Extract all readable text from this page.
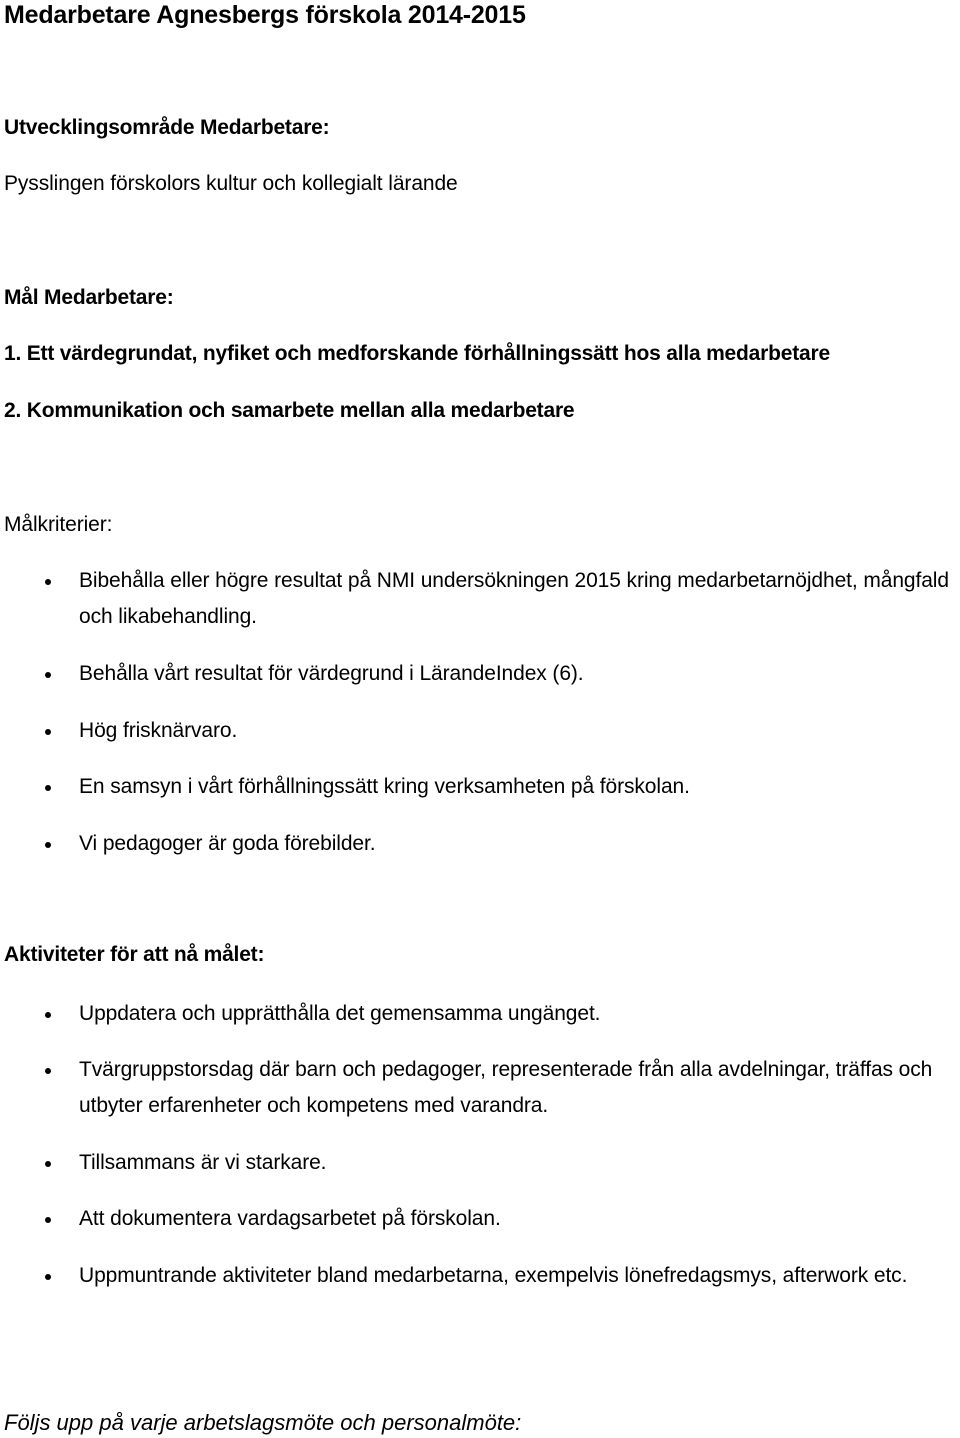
Medarbetare Agnesbergs förskola 2014-2015
Utvecklingsområde Medarbetare:
Pysslingen förskolors kultur och kollegialt lärande
Mål Medarbetare:
1. Ett värdegrundat, nyfiket och medforskande förhållningssätt hos alla medarbetare
2. Kommunikation och samarbete mellan alla medarbetare
Målkriterier:
Bibehålla eller högre resultat på NMI undersökningen 2015 kring medarbetarnöjdhet, mångfald och likabehandling.
Behålla vårt resultat för värdegrund i LärandeIndex (6).
Hög frisknärvaro.
En samsyn i vårt förhållningssätt kring verksamheten på förskolan.
Vi pedagoger är goda förebilder.
Aktiviteter för att nå målet:
Uppdatera och upprätthålla det gemensamma ungänget.
Tvärgruppstorsdag där barn och pedagoger, representerade från alla avdelningar, träffas och utbyter erfarenheter och kompetens med varandra.
Tillsammans är vi starkare.
Att dokumentera vardagsarbetet på förskolan.
Uppmuntrande aktiviteter bland medarbetarna, exempelvis lönefredagsmys, afterwork etc.
Följs upp på varje arbetslagsmöte och personalmöte:
